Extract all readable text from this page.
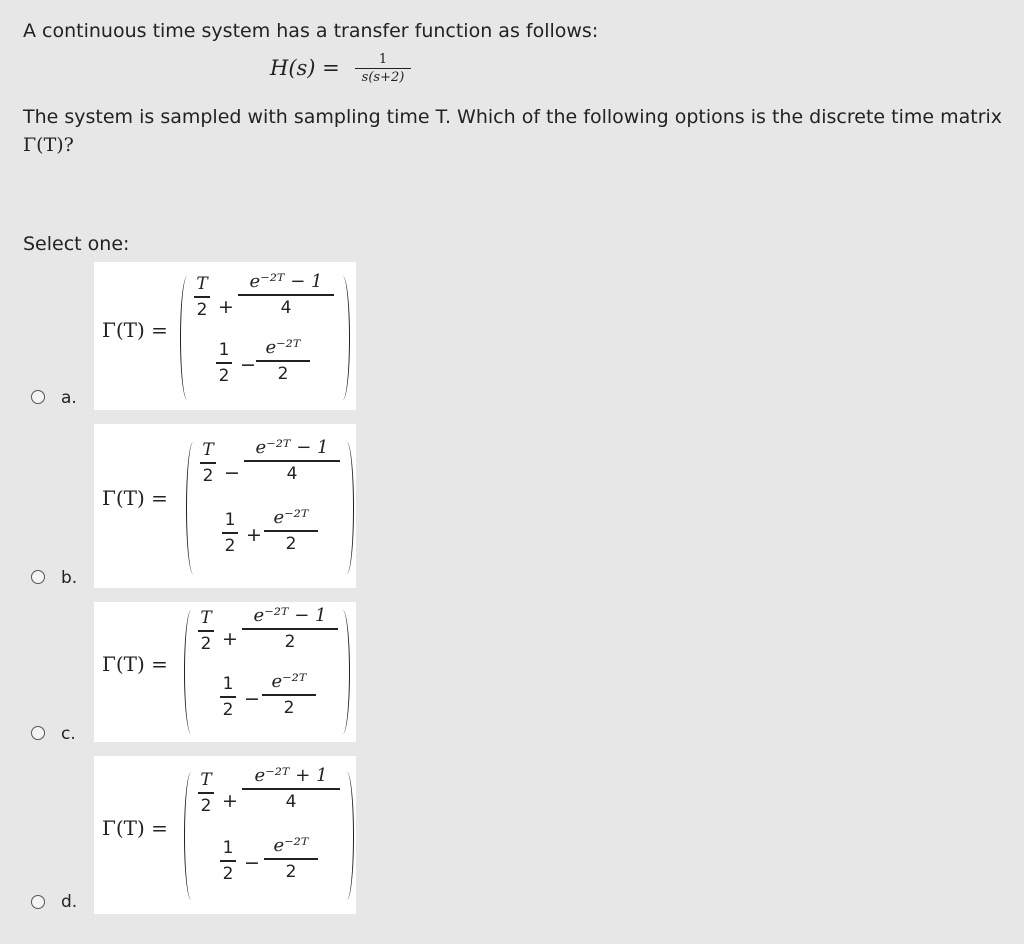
A continuous time system has a transfer function as follows:
H(s) =	1
s(s+2)
The system is sampled with sampling time T. Which of the following options is the discrete time matrix
Γ(T)?
Select one:
a.
Γ(T) =
T
2 +
e⁻²ᵀ − 1
4
1
2 −
e⁻²ᵀ
2
b.
Γ(T) =
T
2 −
e⁻²ᵀ − 1
4
1
2 +
e⁻²ᵀ
2
c.
Γ(T) =
T
2 +
e⁻²ᵀ − 1
2
1
2 −
e⁻²ᵀ
2
d.
Γ(T) =
T
2 +
e⁻²ᵀ + 1
4
1
2 −
e⁻²ᵀ
2
